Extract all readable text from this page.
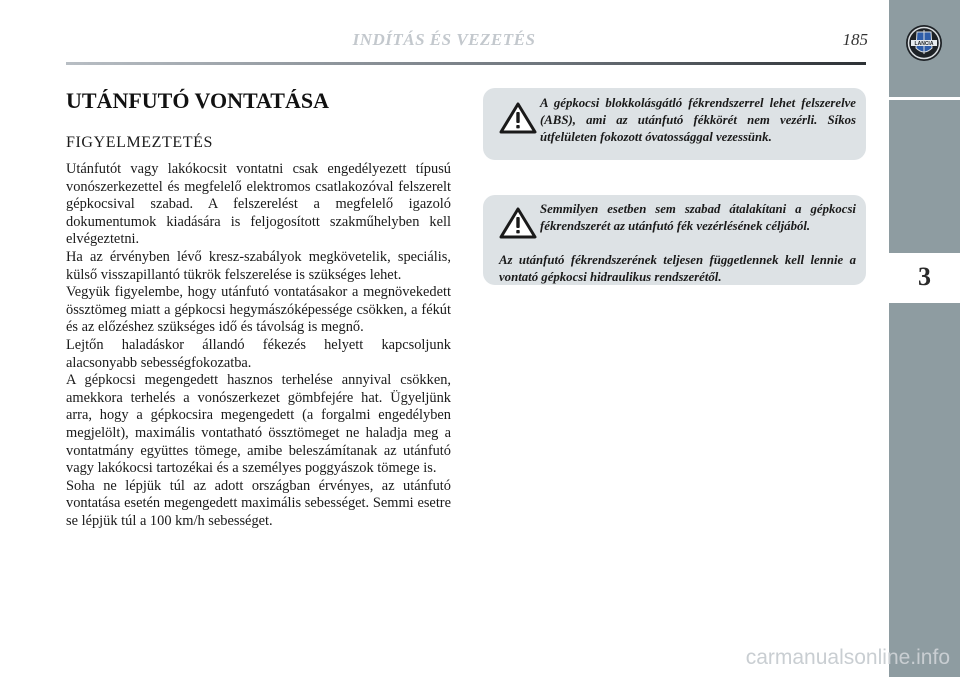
INDÍTÁS ÉS VEZETÉS	185
3
LANCIA
UTÁNFUTÓ VONTATÁSA
FIGYELMEZTETÉS

Utánfutót vagy lakókocsit vontatni csak engedélyezett típusú vonószerkezettel és megfelelő elektromos csatlakozóval felszerelt gépkocsival szabad. A felszerelést a megfelelő igazoló dokumentumok kiadására is feljogosított szakműhelyben kell elvégeztetni.

Ha az érvényben lévő kresz-szabályok megkövetelik, speciális, külső visszapillantó tükrök felszerelése is szükséges lehet.

Vegyük figyelembe, hogy utánfutó vontatásakor a megnövekedett össztömeg miatt a gépkocsi hegymászóképessége csökken, a fékút és az előzéshez szükséges idő és távolság is megnő.

Lejtőn haladáskor állandó fékezés helyett kapcsoljunk alacsonyabb sebességfokozatba.

A gépkocsi megengedett hasznos terhelése annyival csökken, amekkora terhelés a vonószerkezet gömbfejére hat. Ügyeljünk arra, hogy a gépkocsira megengedett (a forgalmi engedélyben megjelölt), maximális vontatható össztömeget ne haladja meg a vontatmány együttes tömege, amibe beleszámítanak az utánfutó vagy lakókocsi tartozékai és a személyes poggyászok tömege is.

Soha ne lépjük túl az adott országban érvényes, az utánfutó vontatása esetén megengedett maximális sebességet. Semmi esetre se lépjük túl a 100 km/h sebességet.

A gépkocsi blokkolásgátló fékrendszerrel lehet felszerelve (ABS), ami az utánfutó fékkörét nem vezérli. Síkos útfelületen fokozott óvatossággal vezessünk.
Semmilyen esetben sem szabad átalakítani a gépkocsi fékrendszerét az utánfutó fék vezérlésének céljából.
Az utánfutó fékrendszerének teljesen függetlennek kell lennie a vontató gépkocsi hidraulikus rendszerétől.
carmanualsonline.info
